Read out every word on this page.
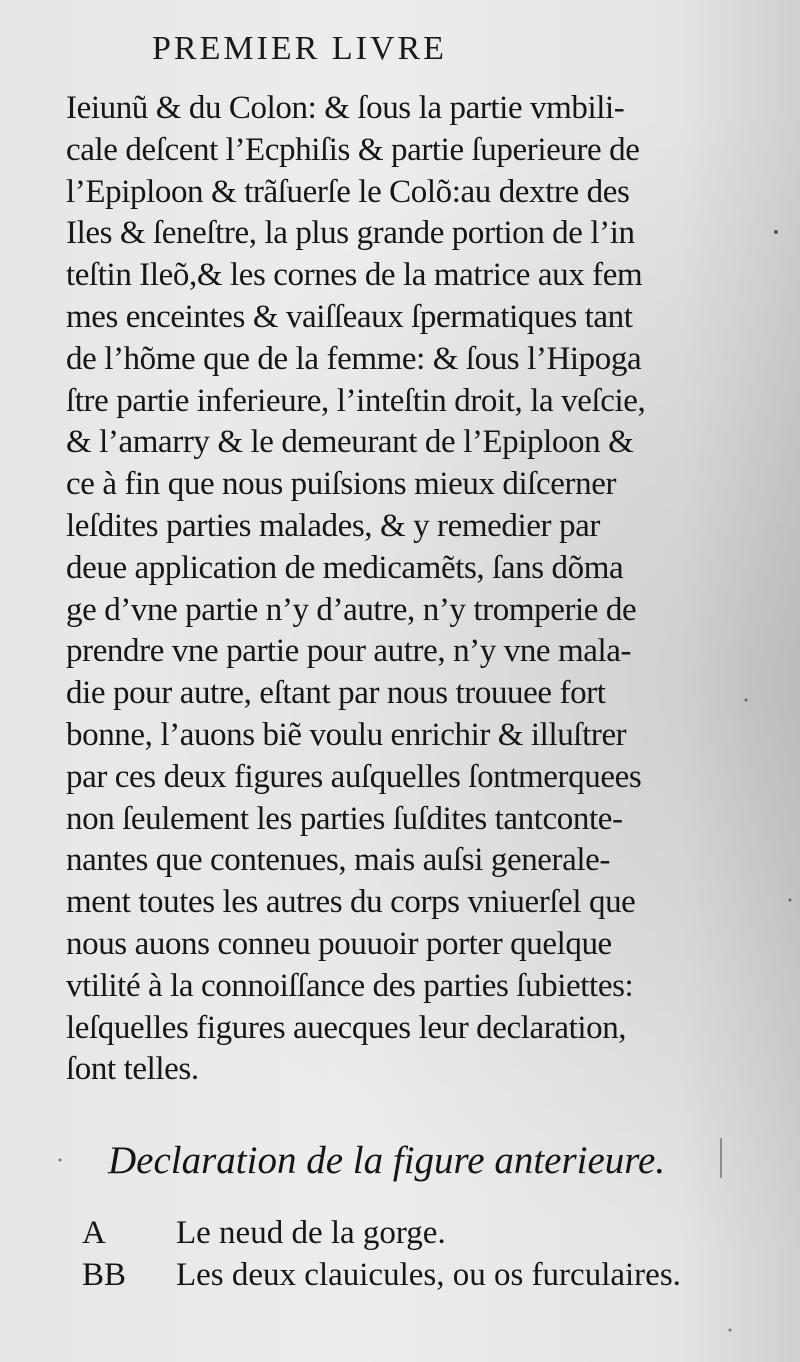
PREMIER LIVRE
Ieiunũ & du Colon: & ſous la partie vmbili-
cale deſcent l’Ecphiſis & partie ſuperieure de
l’Epiploon & trãſuerſe le Colõ:au dextre des
Iles & ſeneſtre, la plus grande portion de l’in
teſtin Ileõ,& les cornes de la matrice aux fem
mes enceintes & vaiſſeaux ſpermatiques tant
de l’hõme que de la femme: & ſous l’Hipoga
ſtre partie inferieure, l’inteſtin droit, la veſcie,
& l’amarry & le demeurant de l’Epiploon &
ce à fin que nous puiſsions mieux diſcerner
leſdites parties malades, & y remedier par
deue application de medicamẽts, ſans dõma
ge d’vne partie n’y d’autre, n’y tromperie de
prendre vne partie pour autre, n’y vne mala-
die pour autre, eſtant par nous trouuee fort
bonne, l’auons biẽ voulu enrichir & illuſtrer
par ces deux figures auſquelles ſontmerquees
non ſeulement les parties ſuſdites tantconte-
nantes que contenues, mais auſsi generale-
ment toutes les autres du corps vniuerſel que
nous auons conneu pouuoir porter quelque
vtilité à la connoiſſance des parties ſubiettes:
leſquelles figures auecques leur declaration,
ſont telles.
Declaration de la figure anterieure.
A	Le neud de la gorge.
BB	Les deux clauicules, ou os furculaires.
